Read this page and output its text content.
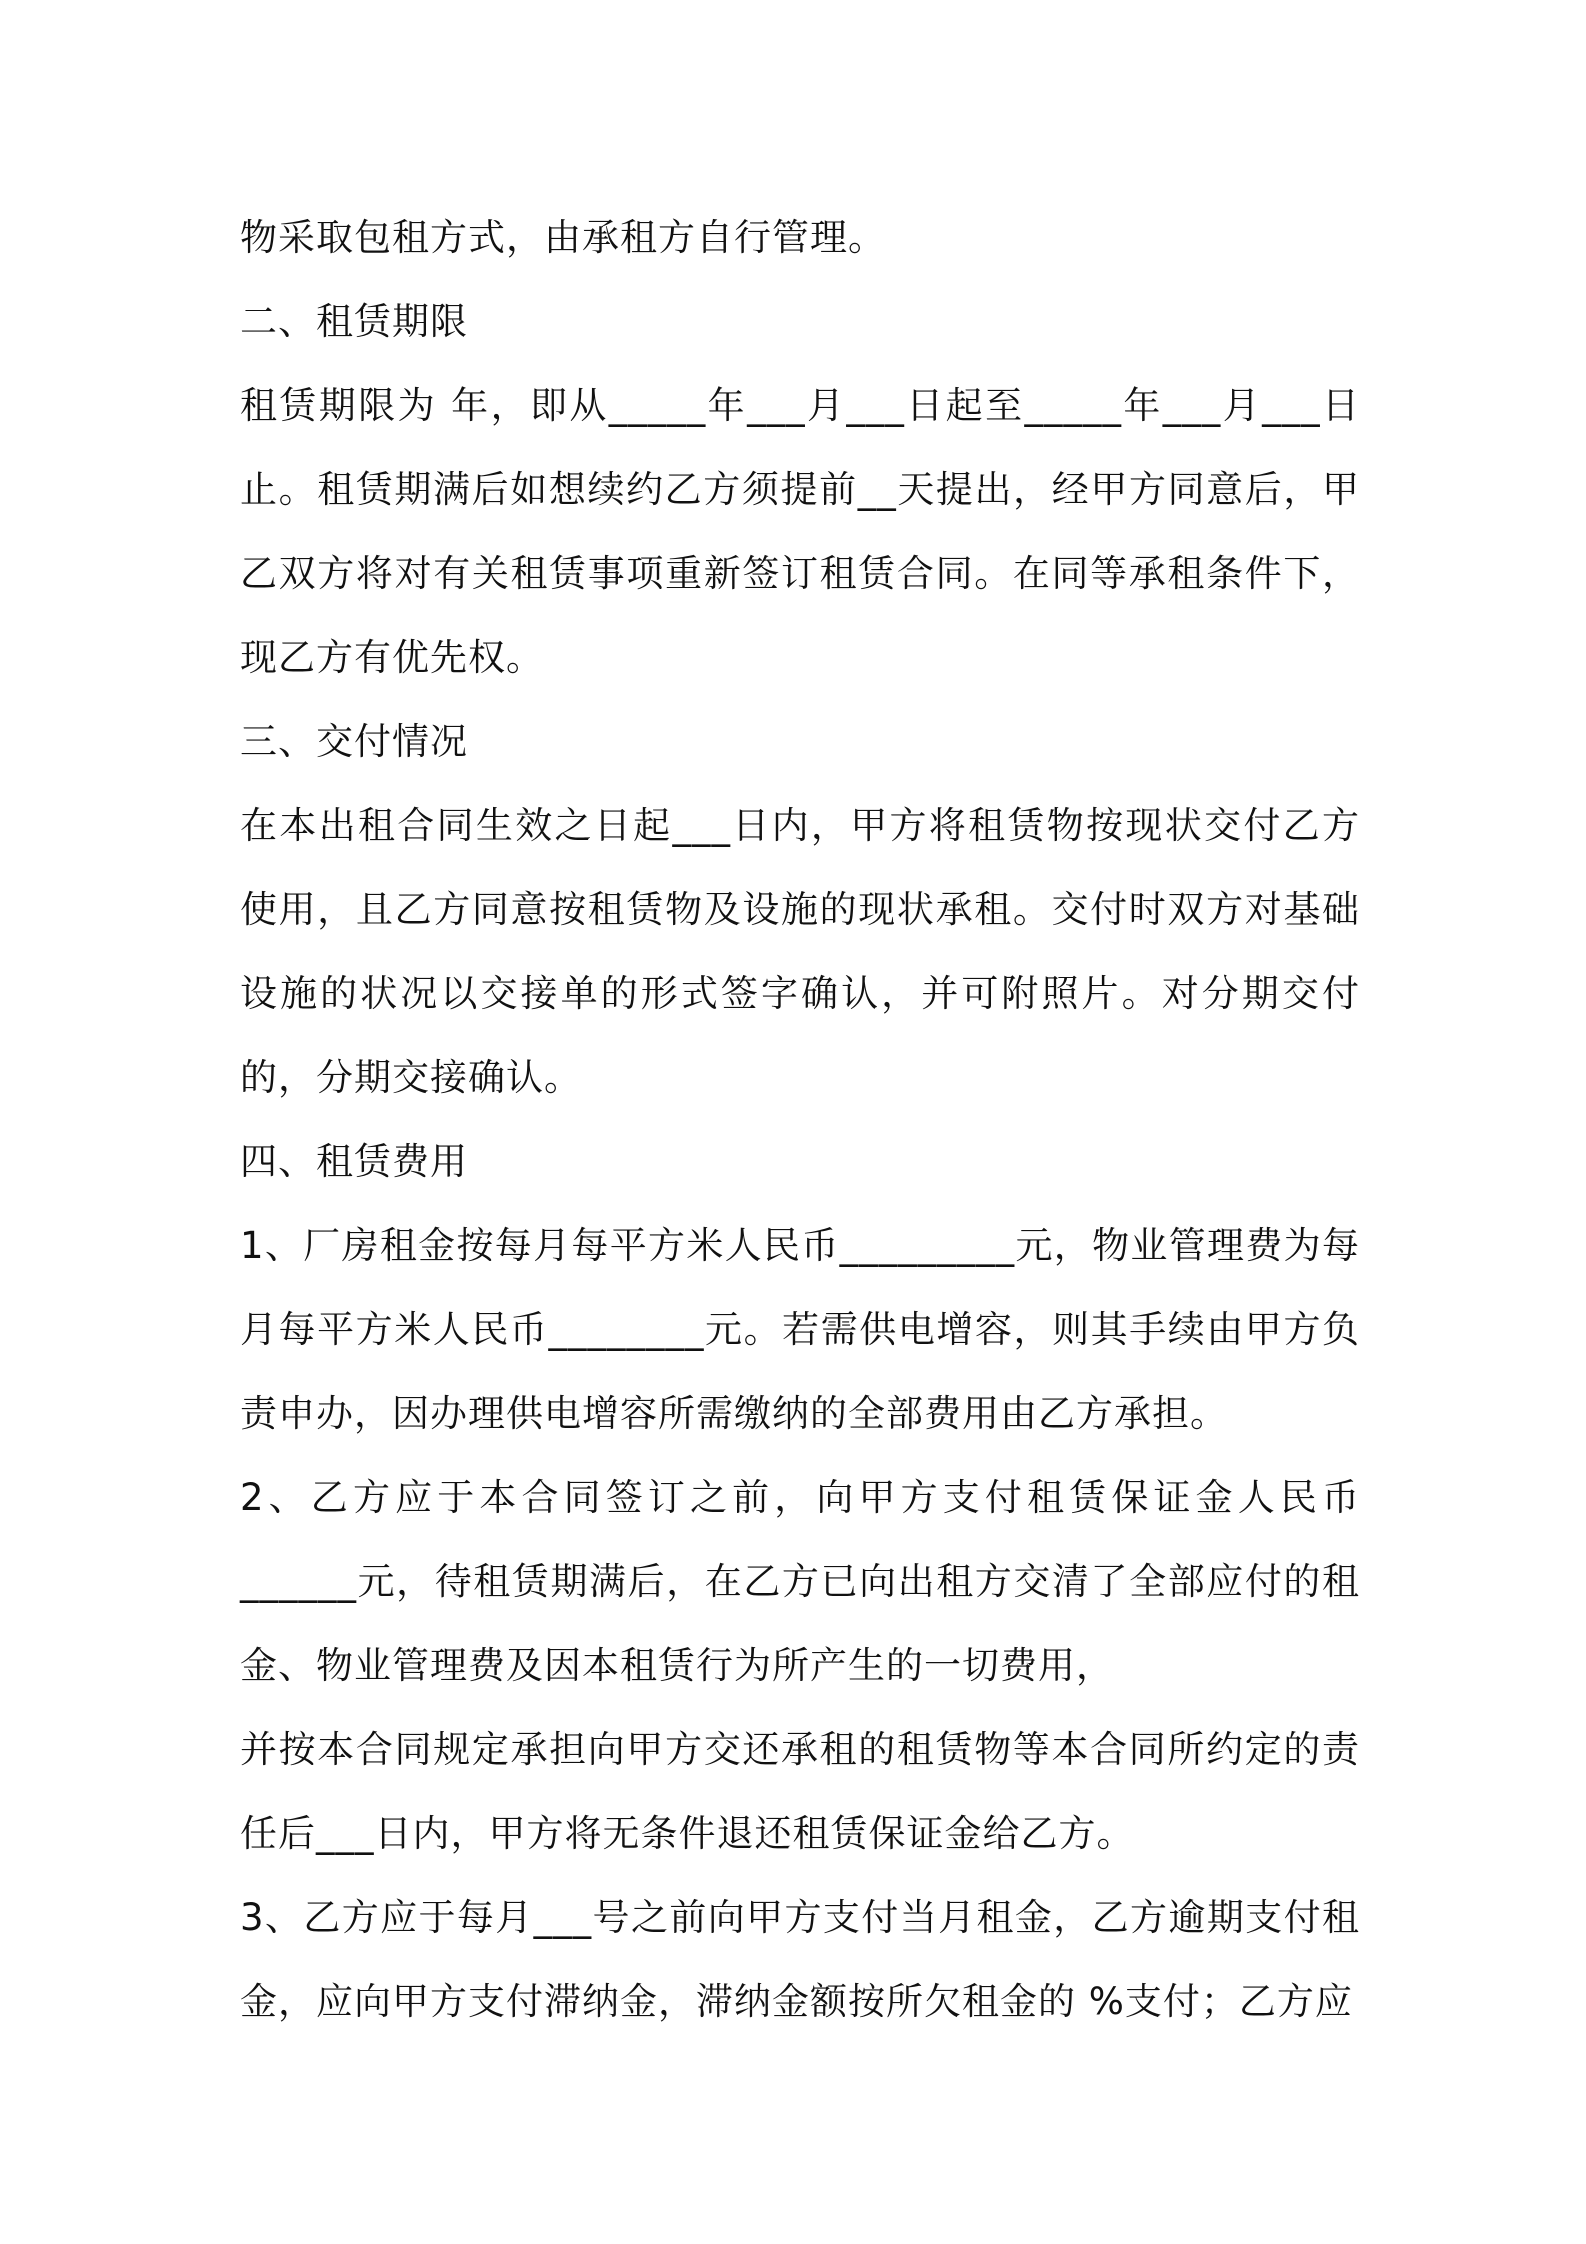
物采取包租方式，由承租方自行管理。

二、租赁期限

租赁期限为 年，即从_____年___月___日起至_____年___月___日止。租赁期满后如想续约乙方须提前__天提出，经甲方同意后，甲乙双方将对有关租赁事项重新签订租赁合同。在同等承租条件下，现乙方有优先权。

三、交付情况

在本出租合同生效之日起___日内，甲方将租赁物按现状交付乙方使用，且乙方同意按租赁物及设施的现状承租。交付时双方对基础设施的状况以交接单的形式签字确认，并可附照片。对分期交付的，分期交接确认。

四、租赁费用

1、厂房租金按每月每平方米人民币_________元，物业管理费为每月每平方米人民币________元。若需供电增容，则其手续由甲方负责申办，因办理供电增容所需缴纳的全部费用由乙方承担。

2、乙方应于本合同签订之前，向甲方支付租赁保证金人民币______元，待租赁期满后，在乙方已向出租方交清了全部应付的租金、物业管理费及因本租赁行为所产生的一切费用，

并按本合同规定承担向甲方交还承租的租赁物等本合同所约定的责任后___日内，甲方将无条件退还租赁保证金给乙方。

3、乙方应于每月___号之前向甲方支付当月租金，乙方逾期支付租金，应向甲方支付滞纳金，滞纳金额按所欠租金的 %支付；乙方应
